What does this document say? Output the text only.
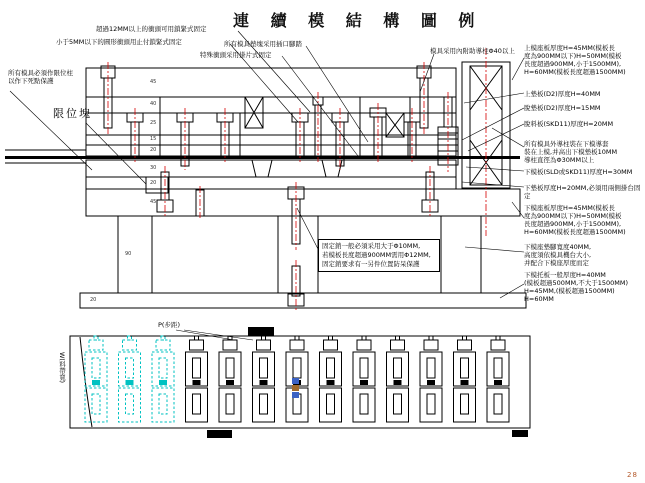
連 續 模 結 構 圖 例
超過12MM以上的衝頭可用鎖緊式固定
小于5MM以下的圓形衝頭用止付鎖緊式固定	所有模具墊塊采用插口腳踏
特殊衝頭采用掛片式固定	模具采用內附助導柱Φ40以上
所有模具必須作限位柱
以作下死點保護
限位塊
上模座板厚度H=45MM(模板長
度為900MM以下)H=50MM(模板
長度超過900MM,小于1500MM),
H=60MM(模板長度超過1500MM)
上墊板(D2)厚度H=40MM
脫墊板(D2)厚度H=15MM
脫料板(SKD11)厚度H=20MM
所有模具外導柱裝在下模導套
裝在上模,并高出下模墊板10MM
導柱直徑為Φ30MM以上
下模板(SLD或SKD11)厚度H=30MM
下墊板厚度H=20MM,必須用兩側掛台固定
下模座板厚度H=45MM(模板長
度為900MM以下)H=50MM(模板
長度超過900MM,小于1500MM),
H=60MM(模板長度超過1500MM)
下模座墊腳寬度40MM,
高度須依模具機台大小,
并配合下模座厚度而定
下模托板一般厚度H=40MM
(模板超過500MM,不大于1500MM)
H=45MM,(模板超過1500MM)
H=60MM
固定銷一般必須采用大于Φ10MM,
若模板長度超過900MM需用Φ12MM,
固定銷要求有一另件位置防呆保護
45
40
25
15
20
30
20
45
90
20
P(步距)
W(料帶寬)
28
